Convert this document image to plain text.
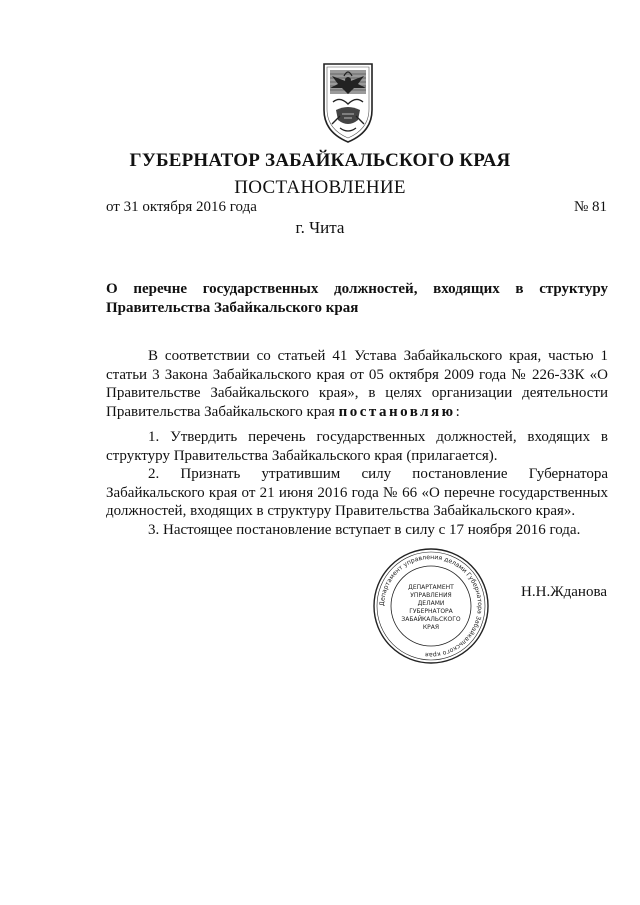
ГУБЕРНАТОР ЗАБАЙКАЛЬСКОГО КРАЯ
ПОСТАНОВЛЕНИЕ
от 31 октября 2016 года	№ 81
г. Чита
О перечне государственных должностей, входящих в структуру Правительства Забайкальского края

В соответствии со статьей 41 Устава Забайкальского края, частью 1 статьи 3 Закона Забайкальского края от 05 октября 2009 года № 226-ЗЗК «О Правительстве Забайкальского края», в целях организации деятельности Правительства Забайкальского края постановляю:

1. Утвердить перечень государственных должностей, входящих в структуру Правительства Забайкальского края (прилагается).

2. Признать утратившим силу постановление Губернатора Забайкальского края от 21 июня 2016 года № 66 «О перечне государственных должностей, входящих в структуру Правительства Забайкальского края».

3. Настоящее постановление вступает в силу с 17 ноября 2016 года.

Департамент управления делами Губернатора Забайкальского края
ДЕПАРТАМЕНТ
УПРАВЛЕНИЯ
ДЕЛАМИ
ГУБЕРНАТОРА
ЗАБАЙКАЛЬСКОГО
КРАЯ
Н.Н.Жданова
